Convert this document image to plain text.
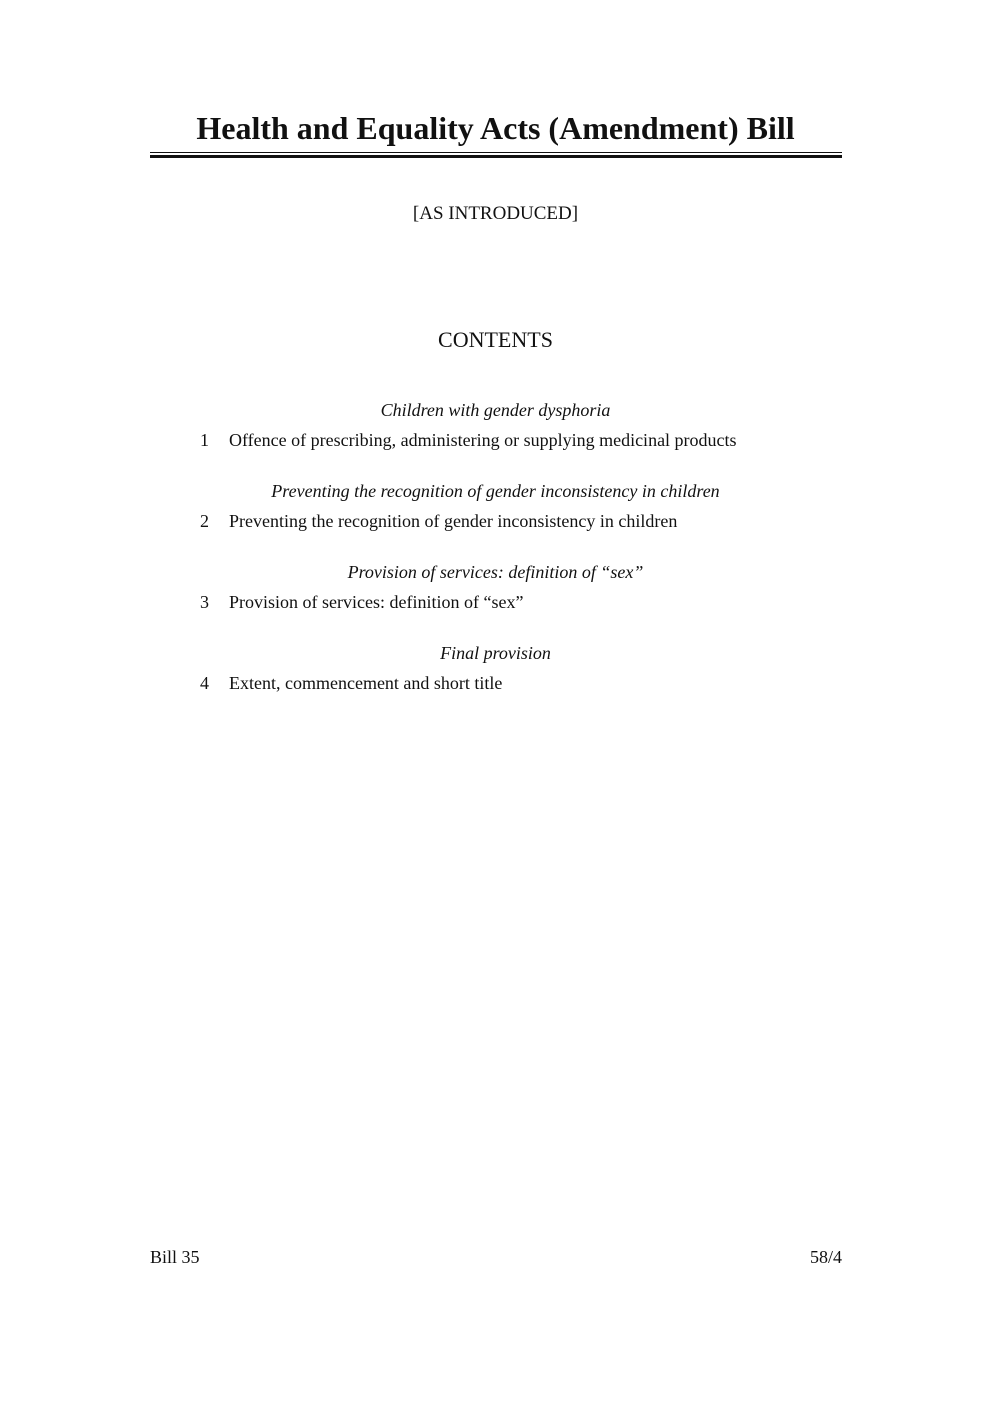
Health and Equality Acts (Amendment) Bill
[AS INTRODUCED]
CONTENTS
Children with gender dysphoria
1 Offence of prescribing, administering or supplying medicinal products
Preventing the recognition of gender inconsistency in children
2 Preventing the recognition of gender inconsistency in children
Provision of services: definition of “sex”
3 Provision of services: definition of “sex”
Final provision
4 Extent, commencement and short title
Bill 35	58/4
